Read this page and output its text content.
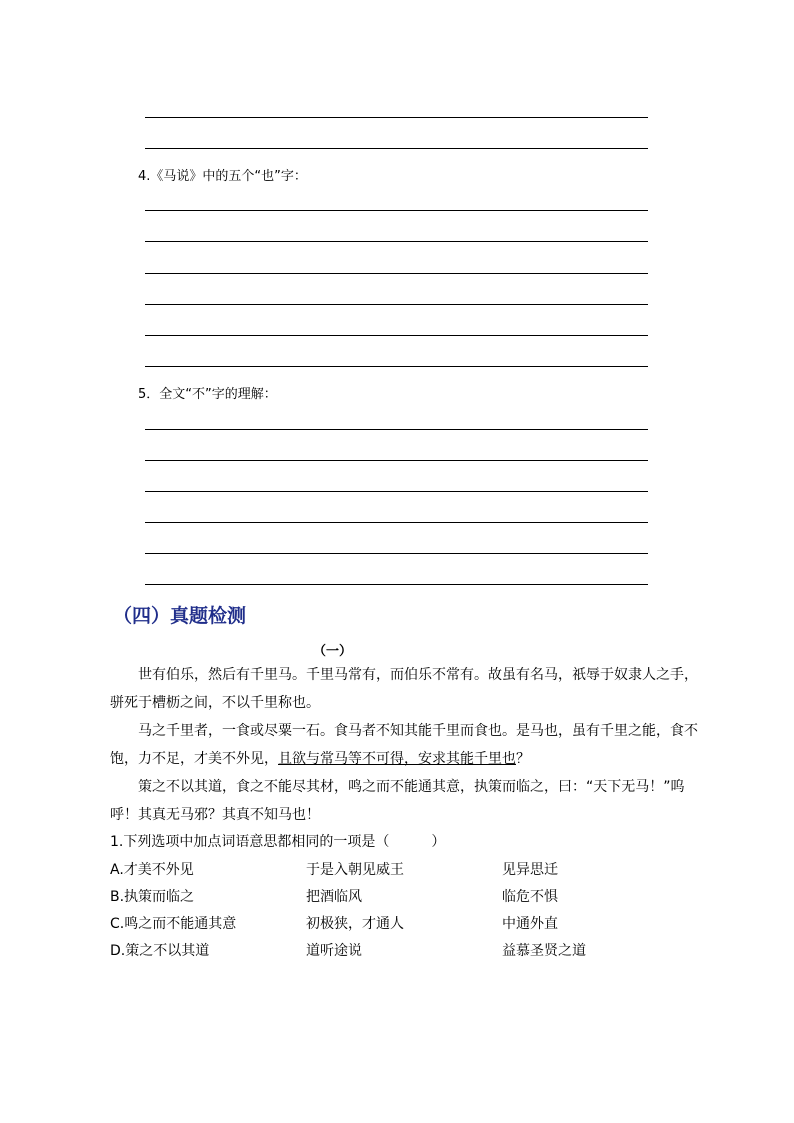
4.《马说》中的五个“也”字：
5．全文“不”字的理解：
（四）真题检测
（一）
世有伯乐，然后有千里马。千里马常有，而伯乐不常有。故虽有名马，祇辱于奴隶人之手，
骈死于槽枥之间，不以千里称也。
马之千里者，一食或尽粟一石。食马者不知其能千里而食也。是马也，虽有千里之能，食不
饱，力不足，才美不外见，且欲与常马等不可得，安求其能千里也？
策之不以其道，食之不能尽其材，鸣之而不能通其意，执策而临之，曰：“天下无马！”呜
呼！其真无马邪？其真不知马也！
1.下列选项中加点词语意思都相同的一项是（　　　）
A.才美不外见	于是入朝见威王	见异思迁
B.执策而临之	把酒临风	临危不惧
C.鸣之而不能通其意	初极狭，才通人	中通外直
D.策之不以其道	道听途说	益慕圣贤之道
